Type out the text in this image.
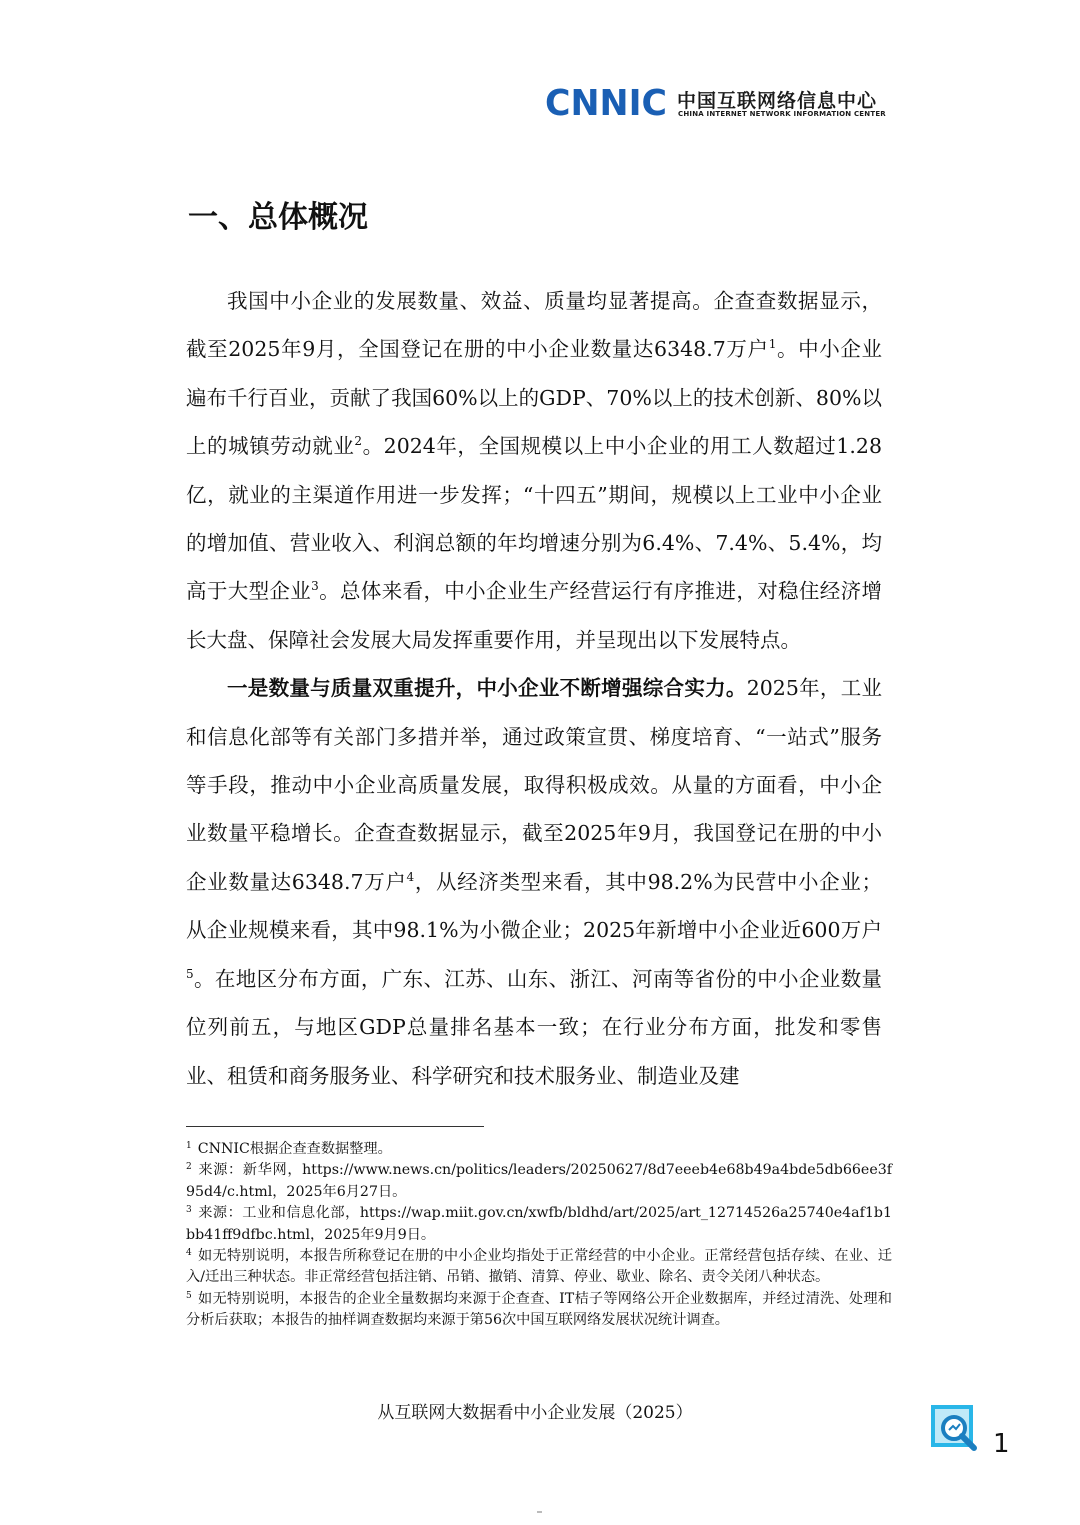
CNNIC 中国互联网络信息中心
CHINA INTERNET NETWORK INFORMATION CENTER
一、总体概况

我国中小企业的发展数量、效益、质量均显著提高。企查查数据显示，截至2025年9月，全国登记在册的中小企业数量达6348.7万户$^1$。中小企业遍布千行百业，贡献了我国60%以上的GDP、70%以上的技术创新、80%以上的城镇劳动就业$^2$。2024年，全国规模以上中小企业的用工人数超过1.28亿，就业的主渠道作用进一步发挥；“十四五”期间，规模以上工业中小企业的增加值、营业收入、利润总额的年均增速分别为6.4%、7.4%、5.4%，均高于大型企业$^3$。总体来看，中小企业生产经营运行有序推进，对稳住经济增长大盘、保障社会发展大局发挥重要作用，并呈现出以下发展特点。

一是数量与质量双重提升，中小企业不断增强综合实力。2025年，工业和信息化部等有关部门多措并举，通过政策宣贯、梯度培育、“一站式”服务等手段，推动中小企业高质量发展，取得积极成效。从量的方面看，中小企业数量平稳增长。企查查数据显示，截至2025年9月，我国登记在册的中小企业数量达6348.7万户$^4$，从经济类型来看，其中98.2%为民营中小企业；从企业规模来看，其中98.1%为小微企业；2025年新增中小企业近600万户$^5$。在地区分布方面，广东、江苏、山东、浙江、河南等省份的中小企业数量位列前五，与地区GDP总量排名基本一致；在行业分布方面，批发和零售业、租赁和商务服务业、科学研究和技术服务业、制造业及建

$^1$ CNNIC根据企查查数据整理。

$^2$ 来源：新华网，https://www.news.cn/politics/leaders/20250627/8d7eeeb4e68b49a4bde5db66ee3f95d4/c.html，2025年6月27日。

$^3$ 来源：工业和信息化部，https://wap.miit.gov.cn/xwfb/bldhd/art/2025/art_12714526a25740e4af1b1bb41ff9dfbc.html，2025年9月9日。

$^4$ 如无特别说明，本报告所称登记在册的中小企业均指处于正常经营的中小企业。正常经营包括存续、在业、迁入/迁出三种状态。非正常经营包括注销、吊销、撤销、清算、停业、歇业、除名、责令关闭八种状态。

$^5$ 如无特别说明，本报告的企业全量数据均来源于企查查、IT桔子等网络公开企业数据库，并经过清洗、处理和分析后获取；本报告的抽样调查数据均来源于第56次中国互联网络发展状况统计调查。

从互联网大数据看中小企业发展（2025）
1
